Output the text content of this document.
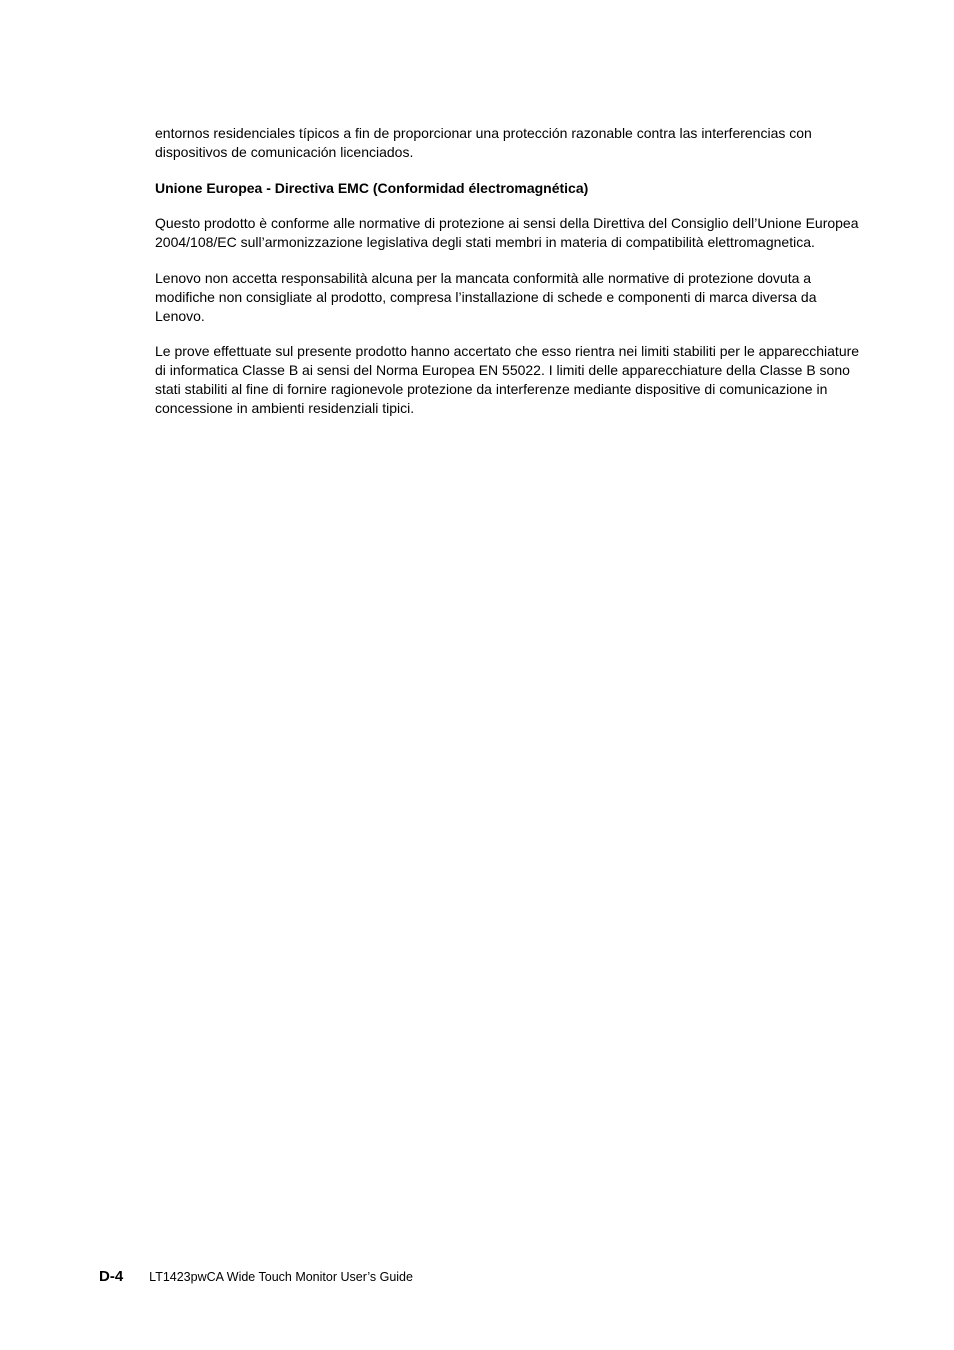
entornos residenciales típicos a fin de proporcionar una protección razonable contra las interferencias con dispositivos de comunicación licenciados.

Unione Europea - Directiva EMC (Conformidad électromagnética)

Questo prodotto è conforme alle normative di protezione ai sensi della Direttiva del Consiglio dell’Unione Europea 2004/108/EC sull’armonizzazione legislativa degli stati membri in materia di compatibilità elettromagnetica.

Lenovo non accetta responsabilità alcuna per la mancata conformità alle normative di protezione dovuta a modifiche non consigliate al prodotto, compresa l’installazione di schede e componenti di marca diversa da Lenovo.

Le prove effettuate sul presente prodotto hanno accertato che esso rientra nei limiti stabiliti per le apparecchiature di informatica Classe B ai sensi del Norma Europea EN 55022. I limiti delle apparecchiature della Classe B sono stati stabiliti al fine di fornire ragionevole protezione da interferenze mediante dispositive di comunicazione in concessione in ambienti residenziali tipici.

D-4 LT1423pwCA Wide Touch Monitor User’s Guide
